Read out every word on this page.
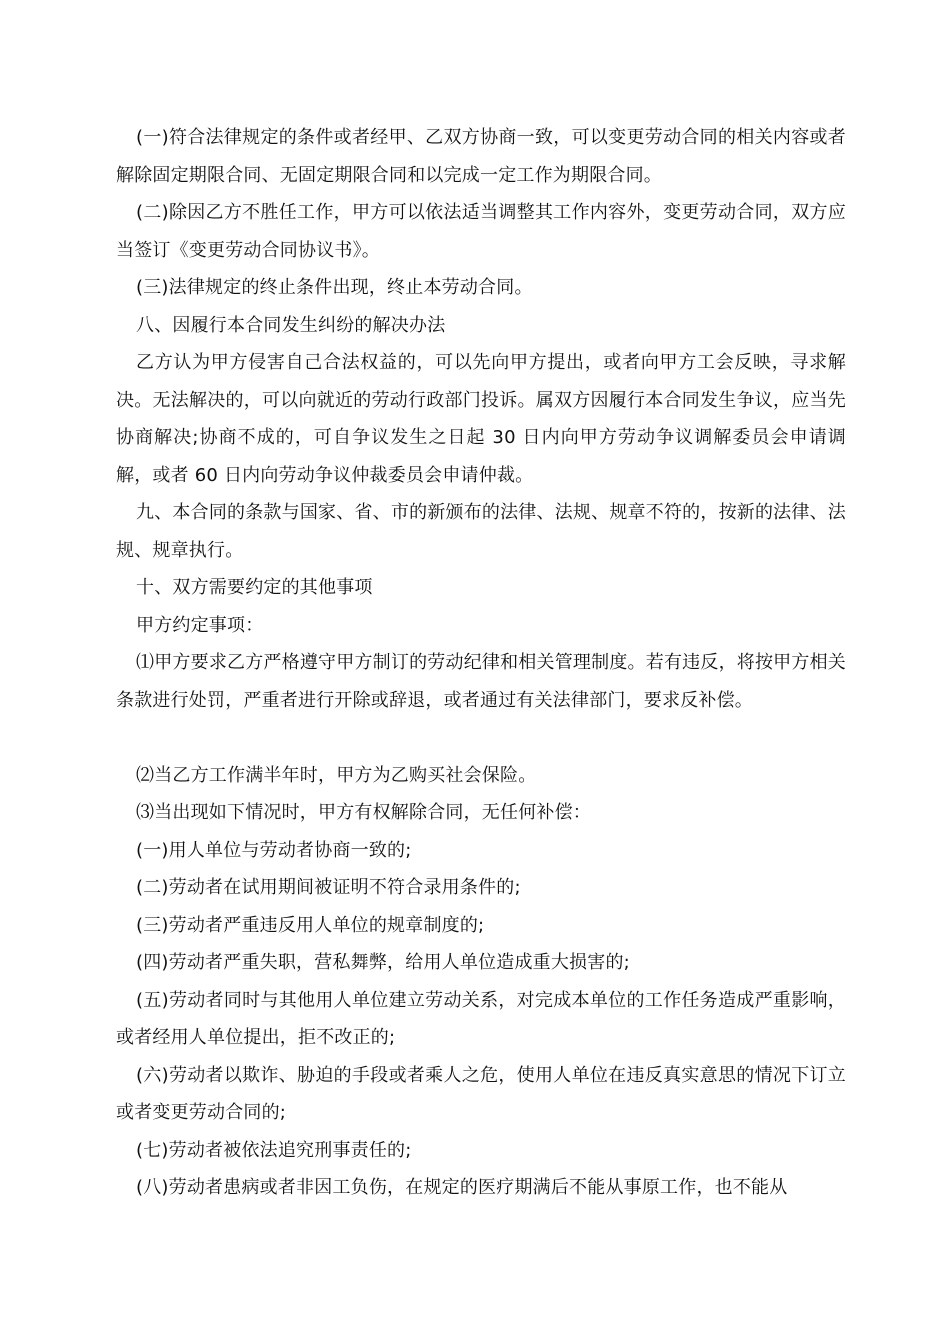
(一)符合法律规定的条件或者经甲、乙双方协商一致，可以变更劳动合同的相关内容或者解除固定期限合同、无固定期限合同和以完成一定工作为期限合同。

(二)除因乙方不胜任工作，甲方可以依法适当调整其工作内容外，变更劳动合同，双方应当签订《变更劳动合同协议书》。

(三)法律规定的终止条件出现，终止本劳动合同。

八、因履行本合同发生纠纷的解决办法

乙方认为甲方侵害自己合法权益的，可以先向甲方提出，或者向甲方工会反映，寻求解决。无法解决的，可以向就近的劳动行政部门投诉。属双方因履行本合同发生争议，应当先协商解决;协商不成的，可自争议发生之日起 30 日内向甲方劳动争议调解委员会申请调解，或者 60 日内向劳动争议仲裁委员会申请仲裁。

九、本合同的条款与国家、省、市的新颁布的法律、法规、规章不符的，按新的法律、法规、规章执行。

十、双方需要约定的其他事项

甲方约定事项：

⑴甲方要求乙方严格遵守甲方制订的劳动纪律和相关管理制度。若有违反，将按甲方相关条款进行处罚，严重者进行开除或辞退，或者通过有关法律部门，要求反补偿。

⑵当乙方工作满半年时，甲方为乙购买社会保险。

⑶当出现如下情况时，甲方有权解除合同，无任何补偿：

(一)用人单位与劳动者协商一致的;

(二)劳动者在试用期间被证明不符合录用条件的;

(三)劳动者严重违反用人单位的规章制度的;

(四)劳动者严重失职，营私舞弊，给用人单位造成重大损害的;

(五)劳动者同时与其他用人单位建立劳动关系，对完成本单位的工作任务造成严重影响，或者经用人单位提出，拒不改正的;

(六)劳动者以欺诈、胁迫的手段或者乘人之危，使用人单位在违反真实意思的情况下订立或者变更劳动合同的;

(七)劳动者被依法追究刑事责任的;

(八)劳动者患病或者非因工负伤，在规定的医疗期满后不能从事原工作，也不能从
